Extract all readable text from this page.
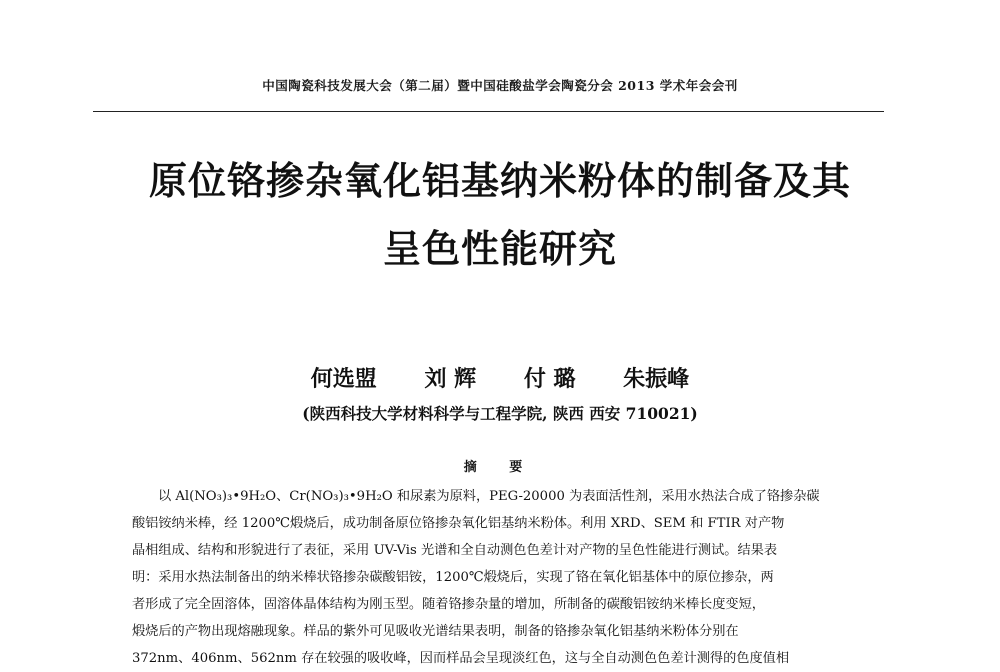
中国陶瓷科技发展大会（第二届）暨中国硅酸盐学会陶瓷分会 2013 学术年会会刊
原位铬掺杂氧化铝基纳米粉体的制备及其
呈色性能研究
何选盟 刘 辉 付 璐 朱振峰
(陕西科技大学材料科学与工程学院, 陕西 西安 710021)
摘 要
以 Al(NO₃)₃•9H₂O、Cr(NO₃)₃•9H₂O 和尿素为原料，PEG-20000 为表面活性剂，采用水热法合成了铬掺杂碳
酸铝铵纳米棒，经 1200℃煅烧后，成功制备原位铬掺杂氧化铝基纳米粉体。利用 XRD、SEM 和 FTIR 对产物
晶相组成、结构和形貌进行了表征，采用 UV-Vis 光谱和全自动测色色差计对产物的呈色性能进行测试。结果表
明：采用水热法制备出的纳米棒状铬掺杂碳酸铝铵，1200℃煅烧后，实现了铬在氧化铝基体中的原位掺杂，两
者形成了完全固溶体，固溶体晶体结构为刚玉型。随着铬掺杂量的增加，所制备的碳酸铝铵纳米棒长度变短，
煅烧后的产物出现熔融现象。样品的紫外可见吸收光谱结果表明，制备的铬掺杂氧化铝基纳米粉体分别在
372nm、406nm、562nm 存在较强的吸收峰，因而样品会呈现淡红色，这与全自动测色色差计测得的色度值相
